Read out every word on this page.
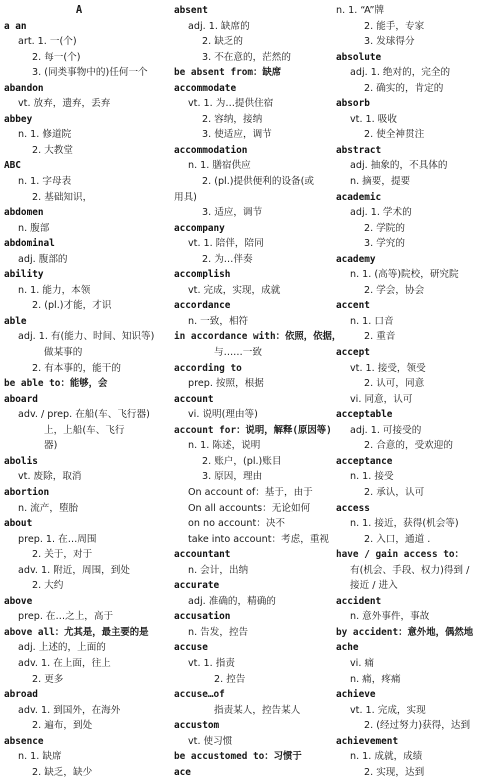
A
a an
art. 1. 一(个)
2. 每一(个)
3. (同类事物中的)任何一个
abandon
vt. 放弃，遗弃，丢弃
abbey
n. 1. 修道院
2. 大教堂
ABC
n. 1. 字母表
2. 基础知识，
abdomen
n. 腹部
abdominal
adj. 腹部的
ability
n. 1. 能力，本领
2. (pl.)才能，才识
able
adj. 1. 有(能力、时间、知识等)
做某事的
2. 有本事的，能干的
be able to：能够，会
aboard
adv. / prep. 在船(车、飞行器)
上，上船(车、飞行
器)
abolis
vt. 废除，取消
abortion
n. 流产，堕胎
about
prep. 1. 在…周围
2. 关于，对于
adv. 1. 附近，周围，到处
2. 大约
above
prep. 在…之上，高于
above all：尤其是，最主要的是
adj. 上述的，上面的
adv. 1. 在上面，往上
2. 更多
abroad
adv. 1. 到国外，在海外
2. 遍布，到处
absence
n. 1. 缺席
2. 缺乏，缺少
absent
adj. 1. 缺席的
2. 缺乏的
3. 不在意的，茫然的
be absent from：缺席
accommodate
vt. 1. 为…提供住宿
2. 容纳，接纳
3. 使适应，调节
accommodation
n. 1. 膳宿供应
2. (pl.)提供便利的设备(或
用具)
3. 适应，调节
accompany
vt. 1. 陪伴，陪同
2. 为…伴奏
accomplish
vt. 完成，实现，成就
accordance
n. 一致，相符
in accordance with：依照，依据，
与……一致
according to
prep. 按照，根据
account
vi. 说明(理由等)
account for：说明，解释(原因等)
n. 1. 陈述，说明
2. 账户，(pl.)账目
3. 原因，理由
On account of：基于，由于
On all accounts：无论如何
on no account：决不
take into account：考虑，重视
accountant
n. 会计，出纳
accurate
adj. 准确的，精确的
accusation
n. 告发，控告
accuse
vt. 1. 指责
2. 控告
accuse…of
指责某人，控告某人
accustom
vt. 使习惯
be accustomed to：习惯于
ace
n. 1. “A”牌
2. 能手，专家
3. 发球得分
absolute
adj. 1. 绝对的，完全的
2. 确实的，肯定的
absorb
vt. 1. 吸收
2. 使全神贯注
abstract
adj. 抽象的，不具体的
n. 摘要，提要
academic
adj. 1. 学术的
2. 学院的
3. 学究的
academy
n. 1. (高等)院校，研究院
2. 学会，协会
accent
n. 1. 口音
2. 重音
accept
vt. 1. 接受，领受
2. 认可，同意
vi. 同意，认可
acceptable
adj. 1. 可接受的
2. 合意的，受欢迎的
acceptance
n. 1. 接受
2. 承认，认可
access
n. 1. 接近，获得(机会等)
2. 入口，通道 .
have / gain access to：
有(机会、手段、权力)得到 /
接近 / 进入
accident
n. 意外事件，事故
by accident：意外地，偶然地
ache
vi. 痛
n. 痛，疼痛
achieve
vt. 1. 完成，实现
2. (经过努力)获得，达到
achievement
n. 1. 成就，成绩
2. 实现，达到
